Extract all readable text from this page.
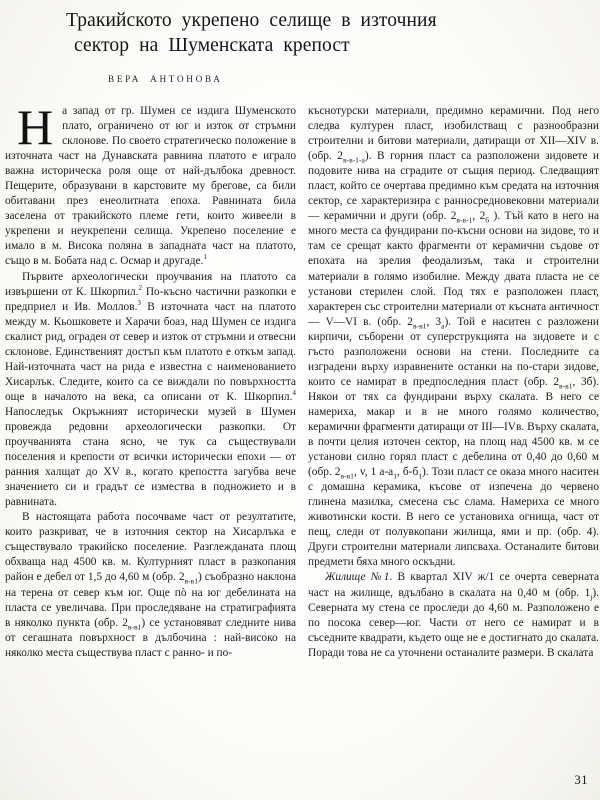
Тракийското укрепено селище в източния
сектор на Шуменската крепост
ВЕРА АНТОНОВА

На запад от гр. Шумен се издига Шуменското плато, ограничено от юг и изток от стръмни склонове. По своето стратегическо положение в източната част на Дунавската равнина платото е играло важна историческа роля още от най-дълбока древност. Пещерите, образувани в карстовите му брегове, са били обитавани през енеолитната епоха. Равнината била заселена от тракийското племе гети, които живеели в укрепени и неукрепени селища. Укрепено поселение е имало в м. Висока поляна в западната част на платото, също в м. Бобата над с. Осмар и другаде.$^1$

Първите археологически проучвания на платото са извършени от К. Шкорпил.$^2$ По-късно частични разкопки е предприел и Ив. Моллов.$^3$ В източната част на платото между м. Кьошковете и Харачи боаз, над Шумен се издига скалист рид, ограден от север и изток от стръмни и отвесни склонове. Единственият достъп към платото е откъм запад. Най-източната част на рида е известна с наименованието Хисарлък. Следите, които са се виждали по повърхността още в началото на века, са описани от К. Шкорпил.$^4$ Напоследък Окръжният исторически музей в Шумен провежда редовни археологически разкопки. От проучванията стана ясно, че тук са съществували поселения и крепости от всички исторически епохи — от ранния халщат до XV в., когато крепостта загубва вече значението си и градът се измества в подножието и в равнината.

В настоящата работа посочваме част от резултатите, които разкриват, че в източния сектор на Хисарлъка е съществувало тракийско поселение. Разглежданата площ обхваща над 4500 кв. м. Културният пласт в разкопания район е дебел от 1,5 до 4,60 м (обр. $2_{в-в1}$) съобразно наклона на терена от север към юг. Още пò на юг дебелината на пласта се увеличава. При проследяване на стратиграфията в няколко пункта (обр. $2_{в-в1}$) се установяват следните нива от сегашната повърхност в дълбочина : най-високо на няколко места съществува пласт с ранно- и по-

къснотурски материали, предимно керамични. Под него следва културен пласт, изобилстващ с разнообразни строителни и битови материали, датиращи от XII—XIV в. (обр. $2_{в-в-1-а}$). В горния пласт са разположени зидовете и подовите нива на сградите от същия период. Следващият пласт, който се очертава предимно към средата на източния сектор, се характеризира с ранносредновековни материали — керамични и други (обр. $2_{в-в-1}$, $2_б$ ). Тъй като в него на много места са фундирани по-късни основи на зидове, то и там се срещат както фрагменти от керамични съдове от епохата на зрелия феодализъм, така и строителни материали в голямо изобилие. Между двата пласта не се установи стерилен слой. Под тях е разположен пласт, характерен със строителни материали от късната античност — V—VI в. (обр. $2_{в-в1}$, $3_а$). Той е наситен с разложени кирпичи, съборени от суперструкцията на зидовете и с гъсто разположени основи на стени. Последните са изградени върху изравнените останки на по-стари зидове, които се намират в предпоследния пласт (обр. $2_{в-в1}$, 3б). Някои от тях са фундирани върху скалата. В него се намериха, макар и в не много голямо количество, керамични фрагменти датиращи от III—IVв. Върху скалата, в почти целия източен сектор, на площ над 4500 кв. м се установи силно горял пласт с дебелина от 0,40 до 0,60 м (обр. $2_{в-в1}$, v, 1 $а-а_1$, $б-б_1$). Този пласт се оказа много наситен с домашна керамика, късове от изпечена до червено глинена мазилка, смесена със слама. Намериха се много животински кости. В него се установиха огнища, част от пещ, следи от полувкопани жилища, ями и пр. (обр. 4). Други строителни материали липсваха. Останалите битови предмети бяха много оскъдни.

Жилище №1. В квартал XIV ж/1 се очерта северната част на жилище, вдълбано в скалата на 0,40 м (обр. $1_ј$). Северната му стена се проследи до 4,60 м. Разположено е по посока север—юг. Части от него се намират и в съседните квадрати, където още не е достигнато до скалата. Поради това не са уточнени останалите размери. В скалата

31
